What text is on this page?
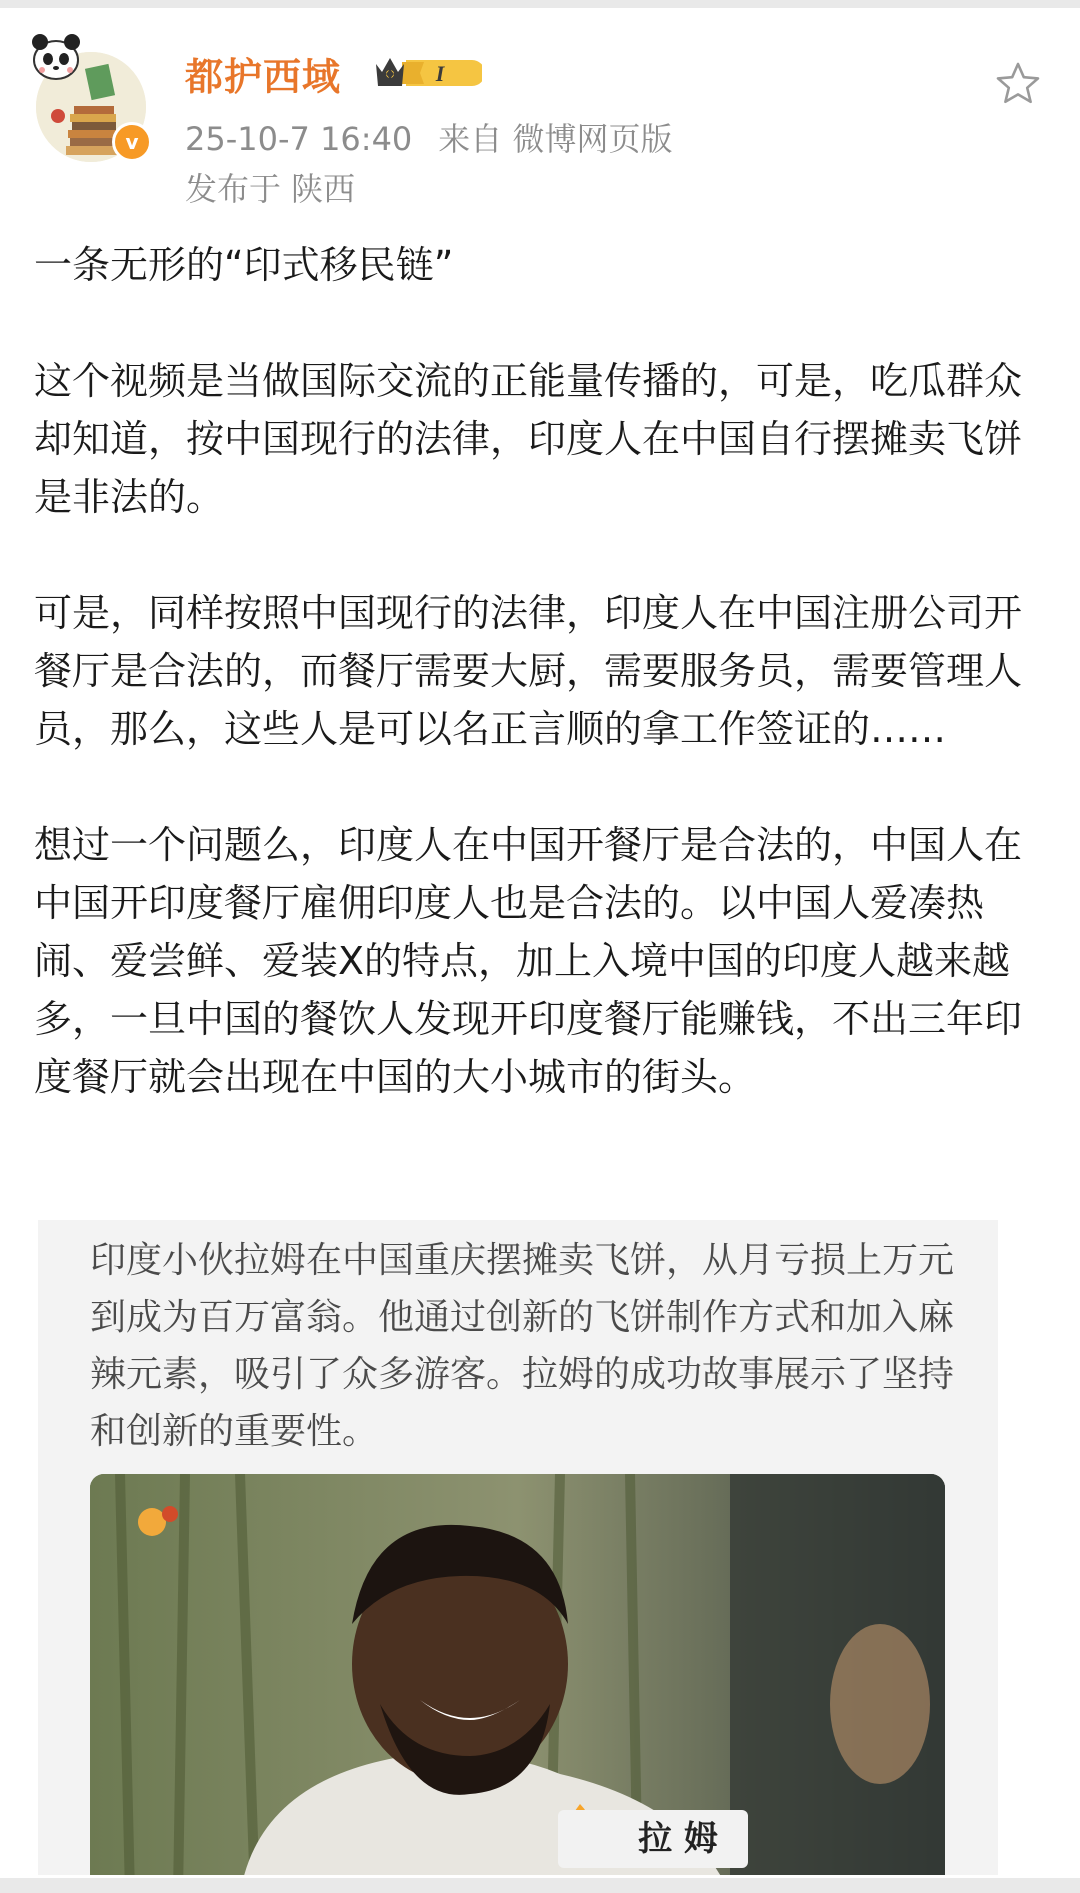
v
都护西域	I
25-10-7 16:40 来自 微博网页版
发布于 陕西

一条无形的“印式移民链”

这个视频是当做国际交流的正能量传播的，可是，吃瓜群众却知道，按中国现行的法律，印度人在中国自行摆摊卖飞饼是非法的。

可是，同样按照中国现行的法律，印度人在中国注册公司开餐厅是合法的，而餐厅需要大厨，需要服务员，需要管理人员，那么，这些人是可以名正言顺的拿工作签证的……

想过一个问题么，印度人在中国开餐厅是合法的，中国人在中国开印度餐厅雇佣印度人也是合法的。以中国人爱凑热闹、爱尝鲜、爱装X的特点，加上入境中国的印度人越来越多，一旦中国的餐饮人发现开印度餐厅能赚钱，不出三年印度餐厅就会出现在中国的大小城市的街头。

印度小伙拉姆在中国重庆摆摊卖飞饼，从月亏损上万元到成为百万富翁。他通过创新的飞饼制作方式和加入麻辣元素，吸引了众多游客。拉姆的成功故事展示了坚持和创新的重要性。
拉 姆
